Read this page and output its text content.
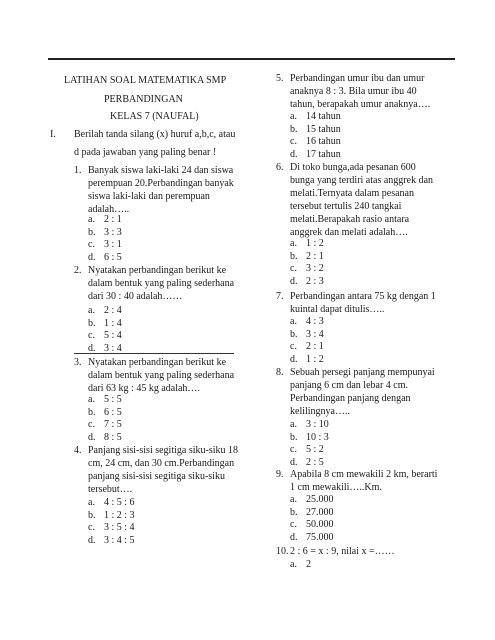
LATIHAN SOAL MATEMATIKA SMP
PERBANDINGAN
KELAS 7 (NAUFAL)
I. Berilah tanda silang (x) huruf a,b,c, atau
d pada jawaban yang paling benar !
1. Banyak siswa laki-laki 24 dan siswa
perempuan 20.Perbandingan banyak
siswa laki-laki dan perempuan
adalah…..
a. 2 : 1
b. 3 : 3
c. 3 : 1
d. 6 : 5
2. Nyatakan perbandingan berikut ke
dalam bentuk yang paling sederhana
dari 30 : 40 adalah……
a. 2 : 4
b. 1 : 4
c. 5 : 4
d. 3 : 4
3. Nyatakan perbandingan berikut ke
dalam bentuk yang paling sederhana
dari 63 kg : 45 kg adalah….
a. 5 : 5
b. 6 : 5
c. 7 : 5
d. 8 : 5
4. Panjang sisi-sisi segitiga siku-siku 18
cm, 24 cm, dan 30 cm.Perbandingan
panjang sisi-sisi segitiga siku-siku
tersebut….
a. 4 : 5 : 6
b. 1 : 2 : 3
c. 3 : 5 : 4
d. 3 : 4 : 5
5. Perbandingan umur ibu dan umur
anaknya 8 : 3. Bila umur ibu 40
tahun, berapakah umur anaknya….
a. 14 tahun
b. 15 tahun
c. 16 tahun
d. 17 tahun
6. Di toko bunga,ada pesanan 600
bunga yang terdiri atas anggrek dan
melati.Ternyata dalam pesanan
tersebut tertulis 240 tangkai
melati.Berapakah rasio antara
anggrek dan melati adalah….
a. 1 : 2
b. 2 : 1
c. 3 : 2
d. 2 : 3
7. Perbandingan antara 75 kg dengan 1
kuintal dapat ditulis…..
a. 4 : 3
b. 3 : 4
c. 2 : 1
d. 1 : 2
8. Sebuah persegi panjang mempunyai
panjang 6 cm dan lebar 4 cm.
Perbandingan panjang dengan
kelilingnya…..
a. 3 : 10
b. 10 : 3
c. 5 : 2
d. 2 : 5
9. Apabila 8 cm mewakili 2 km, berarti
1 cm mewakili…..Km.
a. 25.000
b. 27.000
c. 50.000
d. 75.000
10. 2 : 6 = x : 9, nilai x =……
a. 2
